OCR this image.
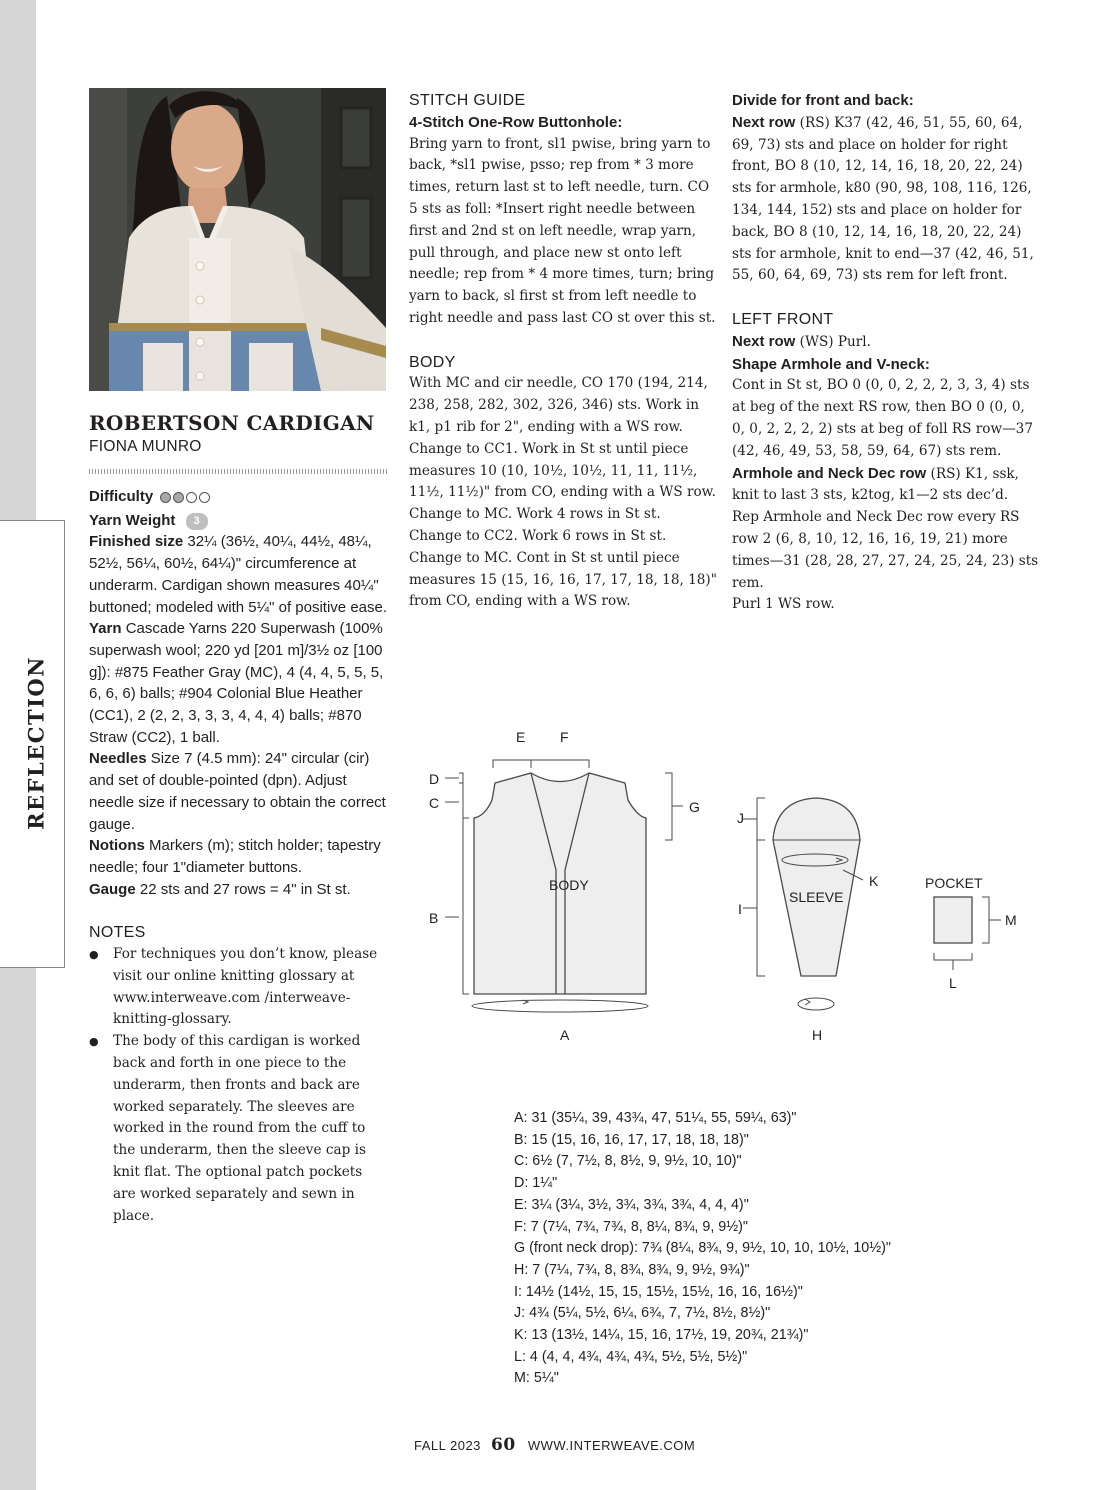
REFLECTION
ROBERTSON CARDIGAN
FIONA MUNRO
Difficulty
Yarn Weight 3

Finished size 32¼ (36½, 40¼, 44½, 48¼, 52½, 56¼, 60½, 64¼)" circumference at underarm. Cardigan shown measures 40¼" buttoned; modeled with 5¼" of positive ease.

Yarn Cascade Yarns 220 Superwash (100% superwash wool; 220 yd [201 m]/3½ oz [100 g]): #875 Feather Gray (MC), 4 (4, 4, 5, 5, 5, 6, 6, 6) balls; #904 Colonial Blue Heather (CC1), 2 (2, 2, 3, 3, 3, 4, 4, 4) balls; #870 Straw (CC2), 1 ball.

Needles Size 7 (4.5 mm): 24" circular (cir) and set of double-pointed (dpn). Adjust needle size if necessary to obtain the correct gauge.

Notions Markers (m); stitch holder; tapestry needle; four 1"diameter buttons.

Gauge 22 sts and 27 rows = 4" in St st.

NOTES
● For techniques you don’t know, please visit our online knitting glossary at www.interweave.com /interweave-knitting-glossary.
● The body of this cardigan is worked back and forth in one piece to the underarm, then fronts and back are worked separately. The sleeves are worked in the round from the cuff to the underarm, then the sleeve cap is knit flat. The optional patch pockets are worked separately and sewn in place.
STITCH GUIDE
4-Stitch One-Row Buttonhole:

Bring yarn to front, sl1 pwise, bring yarn to back, *sl1 pwise, psso; rep from * 3 more times, return last st to left needle, turn. CO 5 sts as foll: *Insert right needle between first and 2nd st on left needle, wrap yarn, pull through, and place new st onto left needle; rep from * 4 more times, turn; bring yarn to back, sl first st from left needle to right needle and pass last CO st over this st.

BODY

With MC and cir needle, CO 170 (194, 214, 238, 258, 282, 302, 326, 346) sts. Work in k1, p1 rib for 2", ending with a WS row.

Change to CC1. Work in St st until piece measures 10 (10, 10½, 10½, 11, 11, 11½, 11½, 11½)" from CO, ending with a WS row.

Change to MC. Work 4 rows in St st.

Change to CC2. Work 6 rows in St st.

Change to MC. Cont in St st until piece measures 15 (15, 16, 16, 17, 17, 18, 18, 18)" from CO, ending with a WS row.

Divide for front and back:

Next row (RS) K37 (42, 46, 51, 55, 60, 64, 69, 73) sts and place on holder for right front, BO 8 (10, 12, 14, 16, 18, 20, 22, 24) sts for armhole, k80 (90, 98, 108, 116, 126, 134, 144, 152) sts and place on holder for back, BO 8 (10, 12, 14, 16, 18, 20, 22, 24) sts for armhole, knit to end—37 (42, 46, 51, 55, 60, 64, 69, 73) sts rem for left front.

LEFT FRONT

Next row (WS) Purl.

Shape Armhole and V-neck:

Cont in St st, BO 0 (0, 0, 2, 2, 2, 3, 3, 4) sts at beg of the next RS row, then BO 0 (0, 0, 0, 0, 2, 2, 2, 2) sts at beg of foll RS row—37 (42, 46, 49, 53, 58, 59, 64, 67) sts rem.

Armhole and Neck Dec row (RS) K1, ssk, knit to last 3 sts, k2tog, k1—2 sts dec’d.

Rep Armhole and Neck Dec row every RS row 2 (6, 8, 10, 12, 16, 16, 19, 21) more times—31 (28, 28, 27, 27, 24, 25, 24, 23) sts rem.

Purl 1 WS row.

E F
D
C
B
G
BODY
A
K
SLEEVE
J
I
H
POCKET
M
L
A: 31 (35¼, 39, 43¾, 47, 51¼, 55, 59¼, 63)"
B: 15 (15, 16, 16, 17, 17, 18, 18, 18)"
C: 6½ (7, 7½, 8, 8½, 9, 9½, 10, 10)"
D: 1¼"
E: 3¼ (3¼, 3½, 3¾, 3¾, 3¾, 4, 4, 4)"
F: 7 (7¼, 7¾, 7¾, 8, 8¼, 8¾, 9, 9½)"
G (front neck drop): 7¾ (8¼, 8¾, 9, 9½, 10, 10, 10½, 10½)"
H: 7 (7¼, 7¾, 8, 8¾, 8¾, 9, 9½, 9¾)"
I: 14½ (14½, 15, 15, 15½, 15½, 16, 16, 16½)"
J: 4¾ (5¼, 5½, 6¼, 6¾, 7, 7½, 8½, 8½)"
K: 13 (13½, 14¼, 15, 16, 17½, 19, 20¾, 21¾)"
L: 4 (4, 4, 4¾, 4¾, 4¾, 5½, 5½, 5½)"
M: 5¼"
FALL 2023 60 WWW.INTERWEAVE.COM
